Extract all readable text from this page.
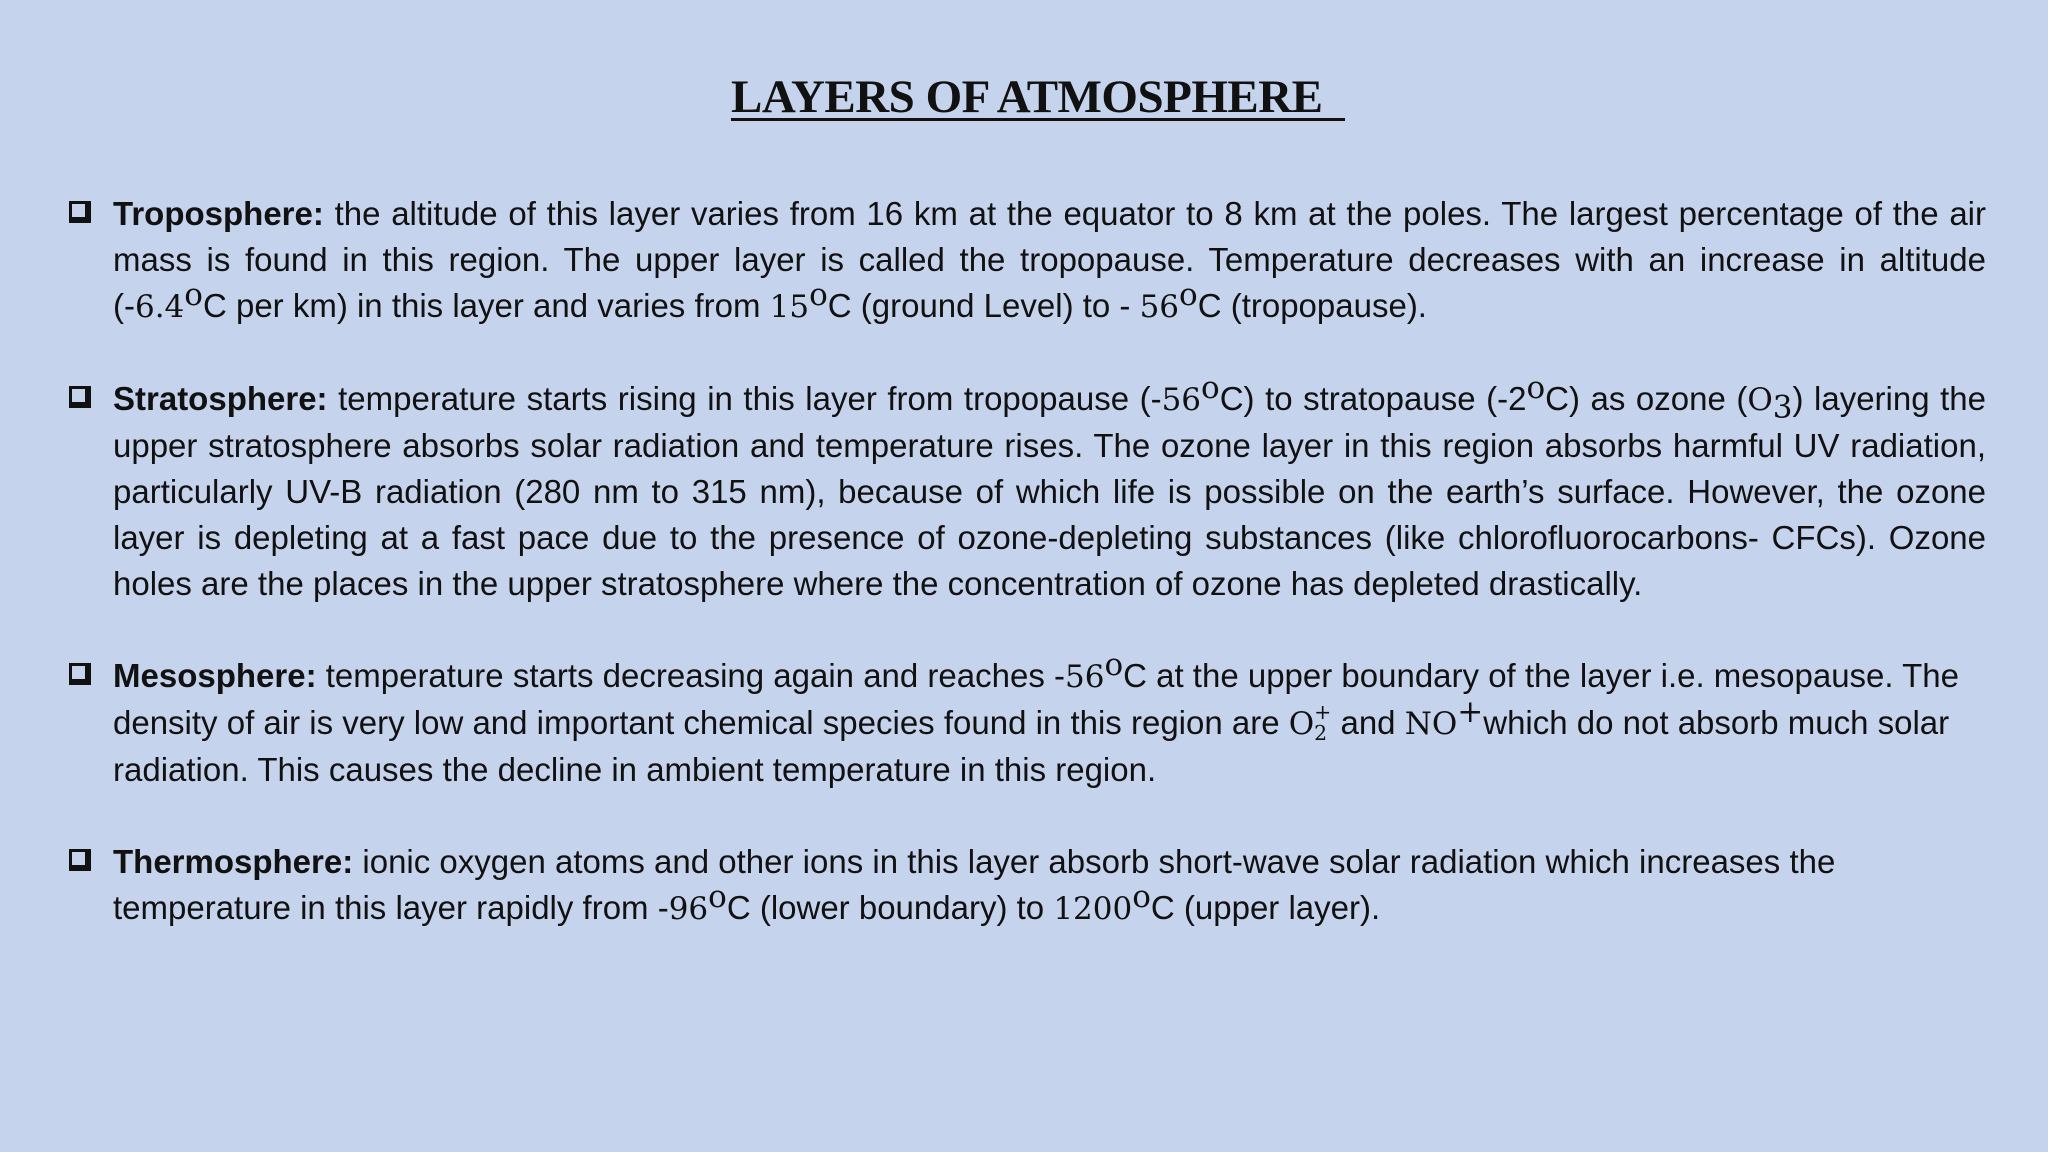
LAYERS OF ATMOSPHERE
Troposphere: the altitude of this layer varies from 16 km at the equator to 8 km at the poles. The largest percentage of the air mass is found in this region. The upper layer is called the tropopause. Temperature decreases with an increase in altitude (-6.4$^o$C per km) in this layer and varies from 15$^o$C (ground Level) to - 56$^o$C (tropopause).
Stratosphere: temperature starts rising in this layer from tropopause (-56$^o$C) to stratopause (-2$^o$C) as ozone $(O_3)$ layering the upper stratosphere absorbs solar radiation and temperature rises. The ozone layer in this region absorbs harmful UV radiation, particularly UV-B radiation (280 nm to 315 nm), because of which life is possible on the earth’s surface. However, the ozone layer is depleting at a fast pace due to the presence of ozone-depleting substances (like chlorofluorocarbons- CFCs). Ozone holes are the places in the upper stratosphere where the concentration of ozone has depleted drastically.
Mesosphere: temperature starts decreasing again and reaches -56$^o$C at the upper boundary of the layer i.e. mesopause. The density of air is very low and important chemical species found in this region are O +
2 and NO+which do not absorb much solar radiation. This causes the decline in ambient temperature in this region.
Thermosphere: ionic oxygen atoms and other ions in this layer absorb short-wave solar radiation which increases the temperature in this layer rapidly from -96$^o$C (lower boundary) to 1200$^o$C (upper layer).
